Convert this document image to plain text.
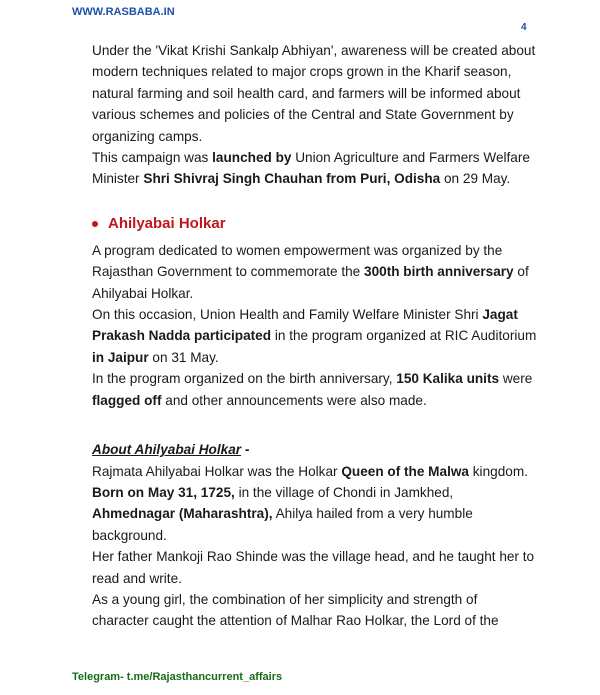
WWW.RASBABA.IN
4

Under the 'Vikat Krishi Sankalp Abhiyan', awareness will be created about modern techniques related to major crops grown in the Kharif season, natural farming and soil health card, and farmers will be informed about various schemes and policies of the Central and State Government by organizing camps.

This campaign was launched by Union Agriculture and Farmers Welfare Minister Shri Shivraj Singh Chauhan from Puri, Odisha on 29 May.

Ahilyabai Holkar

A program dedicated to women empowerment was organized by the Rajasthan Government to commemorate the 300th birth anniversary of Ahilyabai Holkar.

On this occasion, Union Health and Family Welfare Minister Shri Jagat Prakash Nadda participated in the program organized at RIC Auditorium in Jaipur on 31 May.

In the program organized on the birth anniversary, 150 Kalika units were flagged off and other announcements were also made.

About Ahilyabai Holkar -

Rajmata Ahilyabai Holkar was the Holkar Queen of the Malwa kingdom.

Born on May 31, 1725, in the village of Chondi in Jamkhed, Ahmednagar (Maharashtra), Ahilya hailed from a very humble background.

Her father Mankoji Rao Shinde was the village head, and he taught her to read and write.

As a young girl, the combination of her simplicity and strength of character caught the attention of Malhar Rao Holkar, the Lord of the

Telegram- t.me/Rajasthancurrent_affairs
